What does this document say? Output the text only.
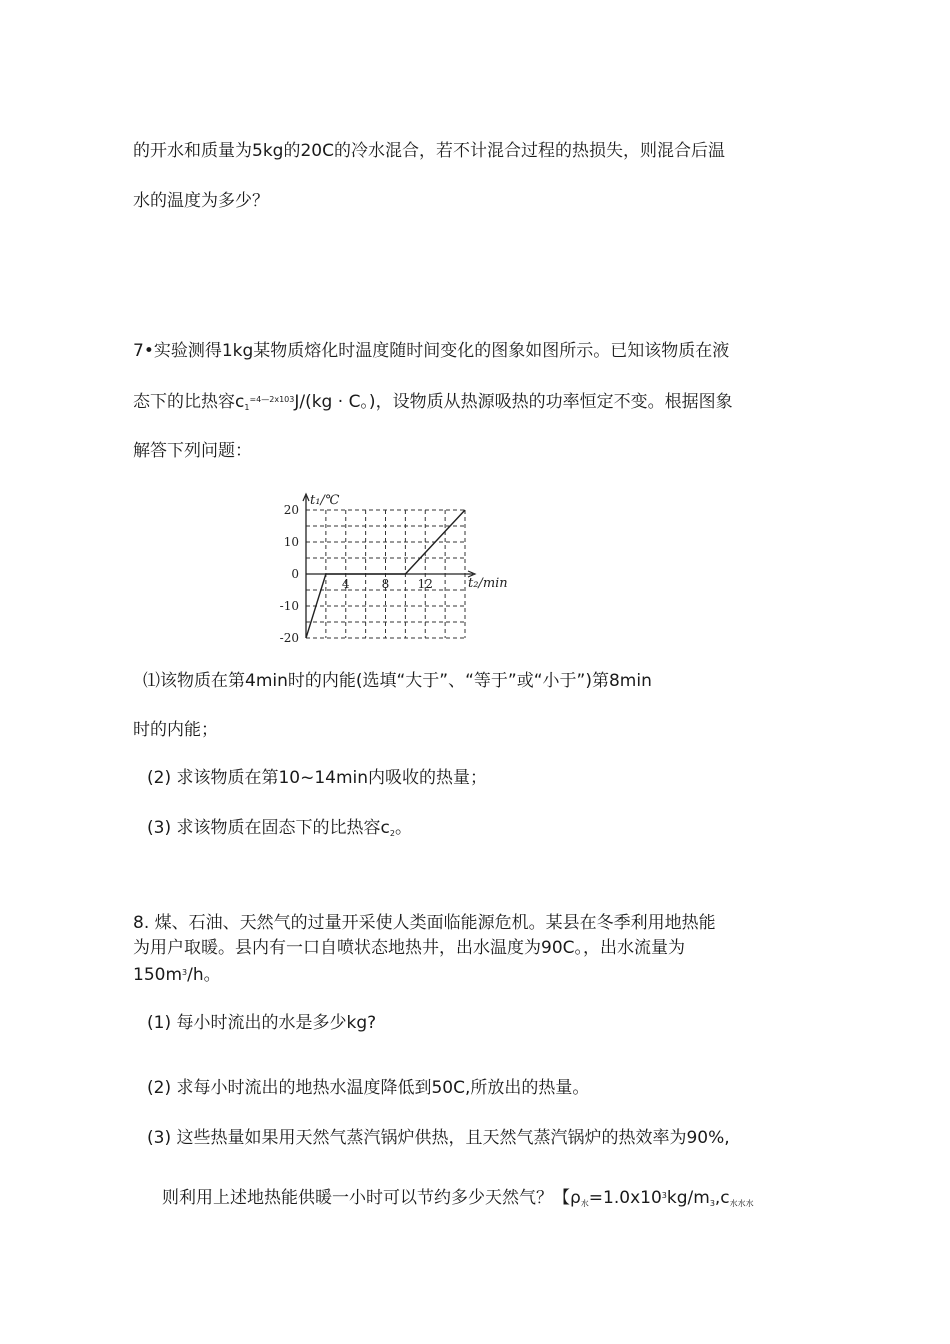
的开水和质量为5kg的20C的冷水混合，若不计混合过程的热损失，则混合后温
水的温度为多少？
7•实验测得1kg某物质熔化时温度随时间变化的图象如图所示。已知该物质在液
态下的比热容$c_1^{=4—2x103}J/(kg \cdot C$。)，设物质从热源吸热的功率恒定不变。根据图象
解答下列问题：
20
10
0
-10
-20
4	8 12
t₁/℃
t₂/min
⑴该物质在第4min时的内能(选填“大于”、“等于”或“小于”)第8min
时的内能；
(2) 求该物质在第10~14min内吸收的热量；
(3) 求该物质在固态下的比热容$c_2$。
8. 煤、石油、天然气的过量开采使人类面临能源危机。某县在冬季利用地热能
为用户取暖。县内有一口自喷状态地热井，出水温度为90C。，出水流量为
$150m^3/h$。
(1) 每小时流出的水是多少kg?
(2) 求每小时流出的地热水温度降低到50C,所放出的热量。
(3) 这些热量如果用天然气蒸汽锅炉供热，且天然气蒸汽锅炉的热效率为90%,
则利用上述地热能供暖一小时可以节约多少天然气？【$\rho_水=1.0x10^3kg/m_3,c_{水水水}$
